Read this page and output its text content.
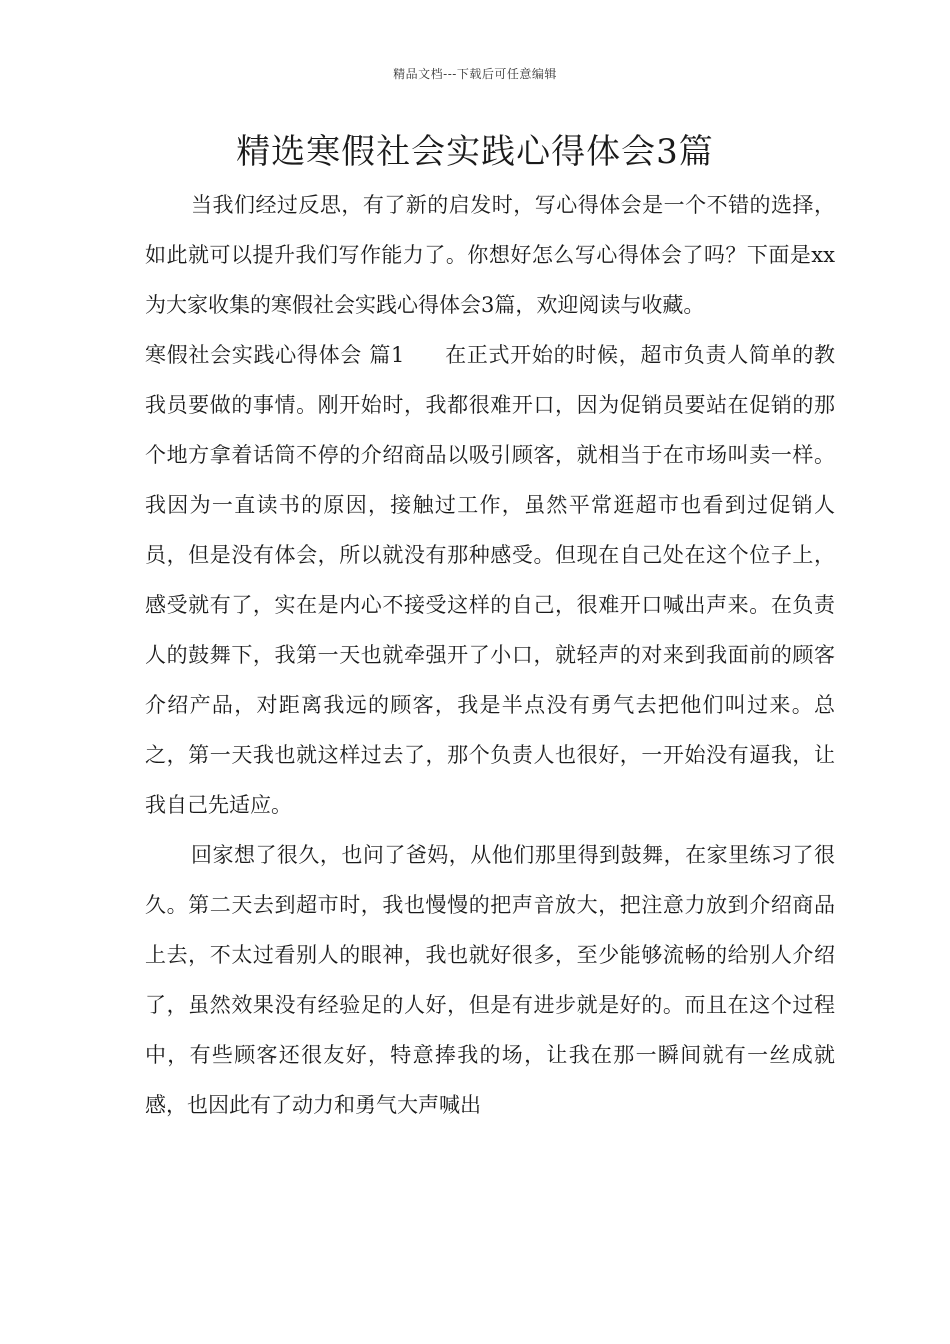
精品文档---下载后可任意编辑
精选寒假社会实践心得体会3篇

当我们经过反思，有了新的启发时，写心得体会是一个不错的选择，如此就可以提升我们写作能力了。你想好怎么写心得体会了吗？下面是xx为大家收集的寒假社会实践心得体会3篇，欢迎阅读与收藏。

寒假社会实践心得体会 篇1 在正式开始的时候，超市负责人简单的教我员要做的事情。刚开始时，我都很难开口，因为促销员要站在促销的那个地方拿着话筒不停的介绍商品以吸引顾客，就相当于在市场叫卖一样。我因为一直读书的原因，接触过工作，虽然平常逛超市也看到过促销人员，但是没有体会，所以就没有那种感受。但现在自己处在这个位子上，感受就有了，实在是内心不接受这样的自己，很难开口喊出声来。在负责人的鼓舞下，我第一天也就牵强开了小口，就轻声的对来到我面前的顾客介绍产品，对距离我远的顾客，我是半点没有勇气去把他们叫过来。总之，第一天我也就这样过去了，那个负责人也很好，一开始没有逼我，让我自己先适应。

回家想了很久，也问了爸妈，从他们那里得到鼓舞，在家里练习了很久。第二天去到超市时，我也慢慢的把声音放大，把注意力放到介绍商品上去，不太过看别人的眼神，我也就好很多，至少能够流畅的给别人介绍了，虽然效果没有经验足的人好，但是有进步就是好的。而且在这个过程中，有些顾客还很友好，特意捧我的场，让我在那一瞬间就有一丝成就感，也因此有了动力和勇气大声喊出
